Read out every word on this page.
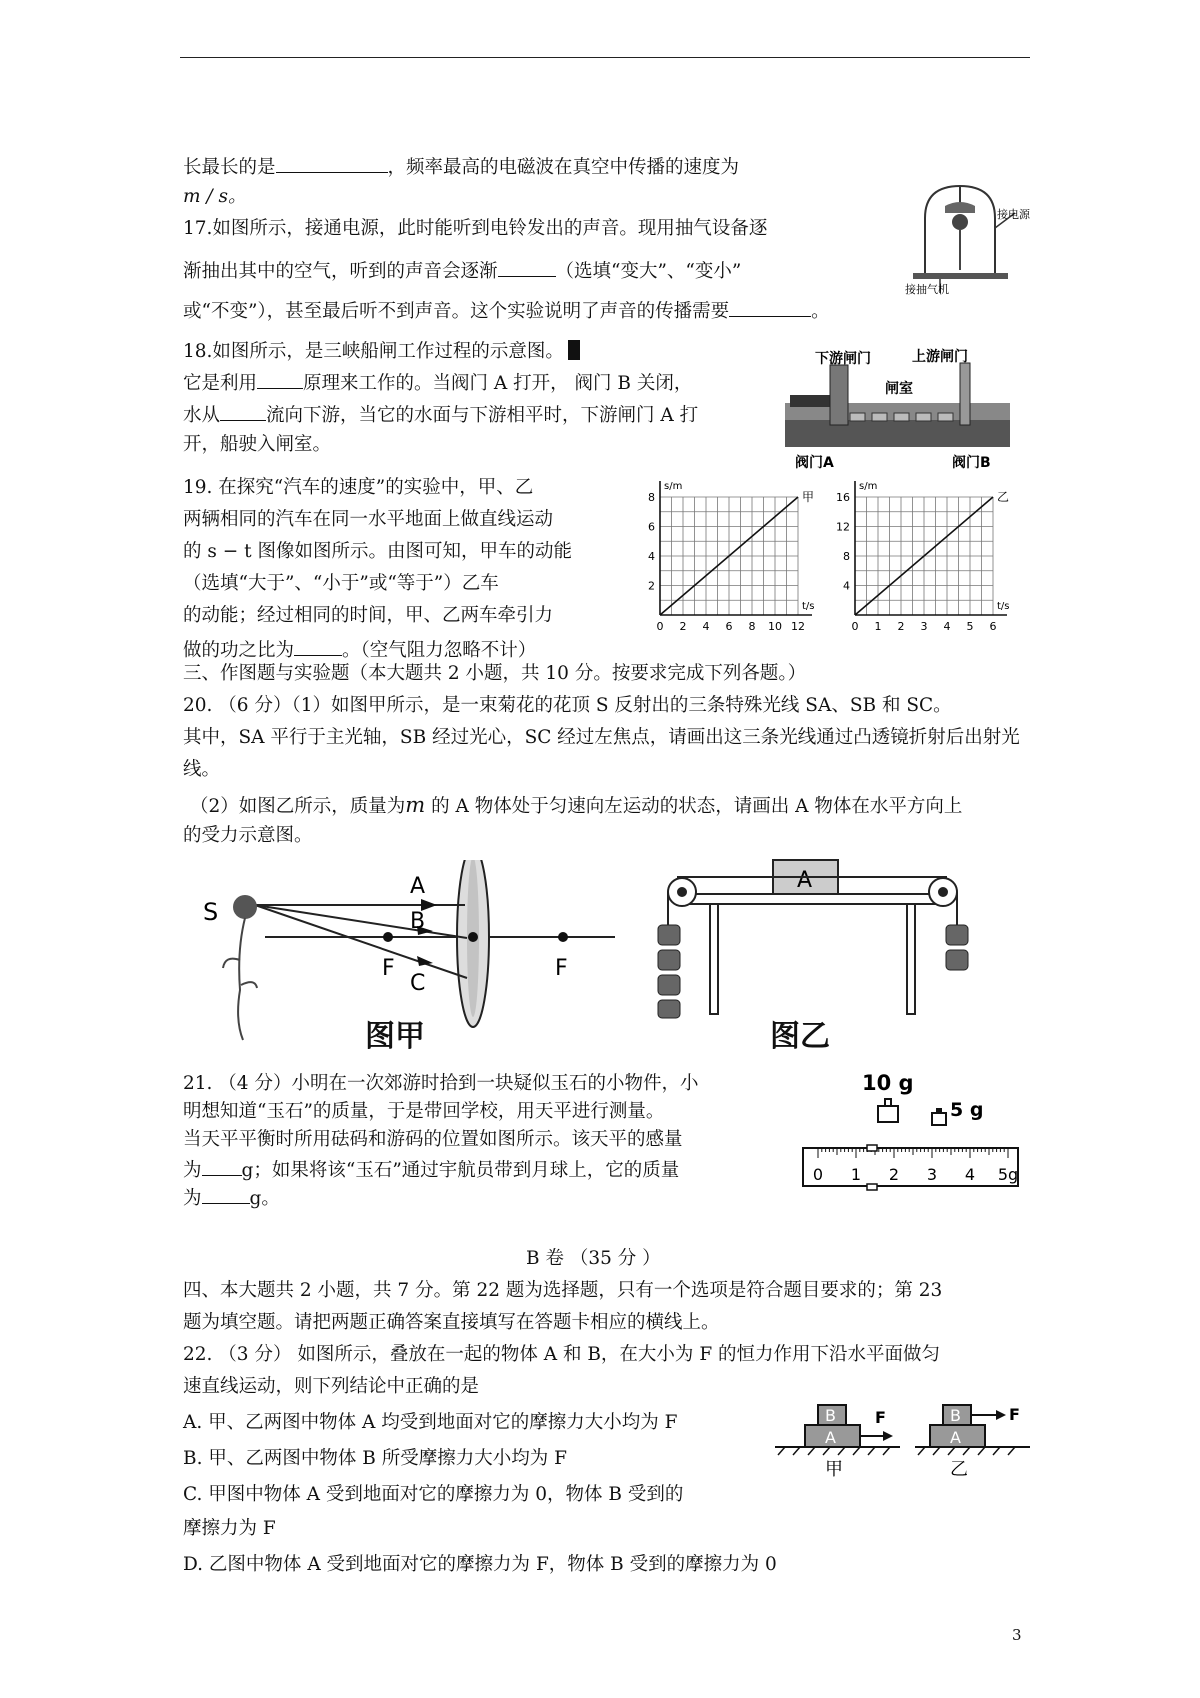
长最长的是	，频率最高的电磁波在真空中传播的速度为
m / s。
17.如图所示，接通电源，此时能听到电铃发出的声音。现用抽气设备逐
渐抽出其中的空气，听到的声音会逐渐	（选填“变大”、“变小”
或“不变”），甚至最后听不到声音。这个实验说明了声音的传播需要	。
接电源
接抽气机
18.如图所示，是三峡船闸工作过程的示意图。
它是利用 原理来工作的。当阀门 A 打开， 阀门 B 关闭，
水从 流向下游，当它的水面与下游相平时，下游闸门 A 打
开，船驶入闸室。
下游闸门	上游闸门
闸室
阀门A	阀门B
19. 在探究“汽车的速度”的实验中，甲、乙
两辆相同的汽车在同一水平地面上做直线运动
的 s − t 图像如图所示。由图可知，甲车的动能
（选填“大于”、“小于”或“等于”）乙车
的动能；经过相同的时间，甲、乙两车牵引力
做的功之比为	。（空气阻力忽略不计）
t/s
s/m
0 2 4 6 8 10 12
2
4
6
8	甲
t/s
s/m
0 1 2 3 4 5 6
4
8
12
16	乙
三、作图题与实验题（本大题共 2 小题，共 10 分。按要求完成下列各题。）
20. （6 分）（1）如图甲所示，是一束菊花的花顶 S 反射出的三条特殊光线 SA、SB 和 SC。
其中，SA 平行于主光轴，SB 经过光心，SC 经过左焦点，请画出这三条光线通过凸透镜折射后出射光
线。
（2）如图乙所示，质量为m 的 A 物体处于匀速向左运动的状态，请画出 A 物体在水平方向上
的受力示意图。
S
A
B
C
F	F
图甲
A
图乙
21. （4 分）小明在一次郊游时拾到一块疑似玉石的小物件，小
明想知道“玉石”的质量，于是带回学校，用天平进行测量。
当天平平衡时所用砝码和游码的位置如图所示。该天平的感量
为 g；如果将该“玉石”通过宇航员带到月球上，它的质量
为	g。
10 g
5 g
0 1 2 3 4 5g
B 卷 （35 分 ）
四、本大题共 2 小题，共 7 分。第 22 题为选择题，只有一个选项是符合题目要求的；第 23
题为填空题。请把两题正确答案直接填写在答题卡相应的横线上。
22. （3 分） 如图所示，叠放在一起的物体 A 和 B，在大小为 F 的恒力作用下沿水平面做匀
速直线运动，则下列结论中正确的是
A. 甲、乙两图中物体 A 均受到地面对它的摩擦力大小均为 F
B. 甲、乙两图中物体 B 所受摩擦力大小均为 F
C. 甲图中物体 A 受到地面对它的摩擦力为 0，物体 B 受到的
摩擦力为 F
D. 乙图中物体 A 受到地面对它的摩擦力为 F，物体 B 受到的摩擦力为 0
A
B F
甲
A
B	F
乙
3
